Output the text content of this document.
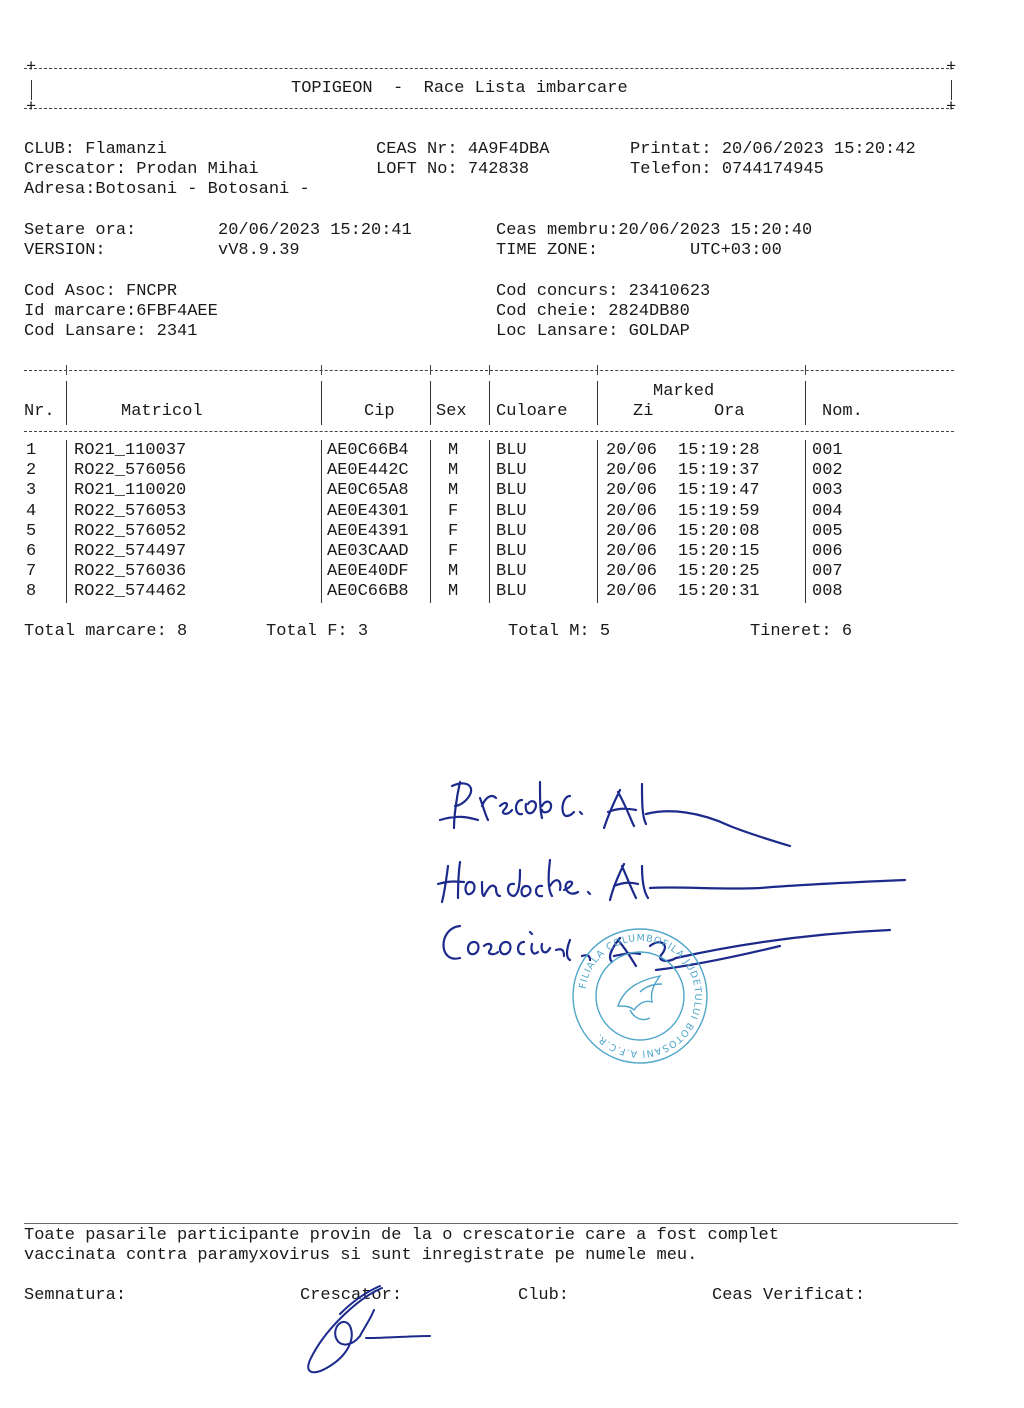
+	+
TOPIGEON  -  Race Lista imbarcare
+	+
CLUB: Flamanzi
Crescator: Prodan Mihai
Adresa:Botosani - Botosani -
CEAS Nr: 4A9F4DBA
LOFT No: 742838
Printat: 20/06/2023 15:20:42
Telefon: 0744174945
Setare ora:	20/06/2023 15:20:41
VERSION:	vV8.9.39
Ceas membru:20/06/2023 15:20:40
TIME ZONE:	UTC+03:00
Cod Asoc: FNCPR
Id marcare:6FBF4AEE
Cod Lansare: 2341
Cod concurs: 23410623
Cod cheie: 2824DB80
Loc Lansare: GOLDAP
Nr.	Matricol	Cip Sex Culoare
Marked
Zi	Ora	Nom.
1 RO21_110037	AE0C66B4 M BLU	20/06 15:19:28	001
2 RO22_576056	AE0E442C M BLU	20/06 15:19:37	002
3 RO21_110020	AE0C65A8 M BLU	20/06 15:19:47	003
4 RO22_576053	AE0E4301 F BLU	20/06 15:19:59	004
5 RO22_576052	AE0E4391 F BLU	20/06 15:20:08	005
6 RO22_574497	AE03CAAD F BLU	20/06 15:20:15	006
7 RO22_576036	AE0E40DF M BLU	20/06 15:20:25	007
8 RO22_574462	AE0C66B8 M BLU	20/06 15:20:31	008
Total marcare: 8	Total F: 3	Total M: 5	Tineret: 6
FILIALA COLUMBOFILA JUDETULUI BOTOSANI A.F.C.R.
Toate pasarile participante provin de la o crescatorie care a fost complet
vaccinata contra paramyxovirus si sunt inregistrate pe numele meu.
Semnatura:	Crescator:	Club:	Ceas Verificat:
